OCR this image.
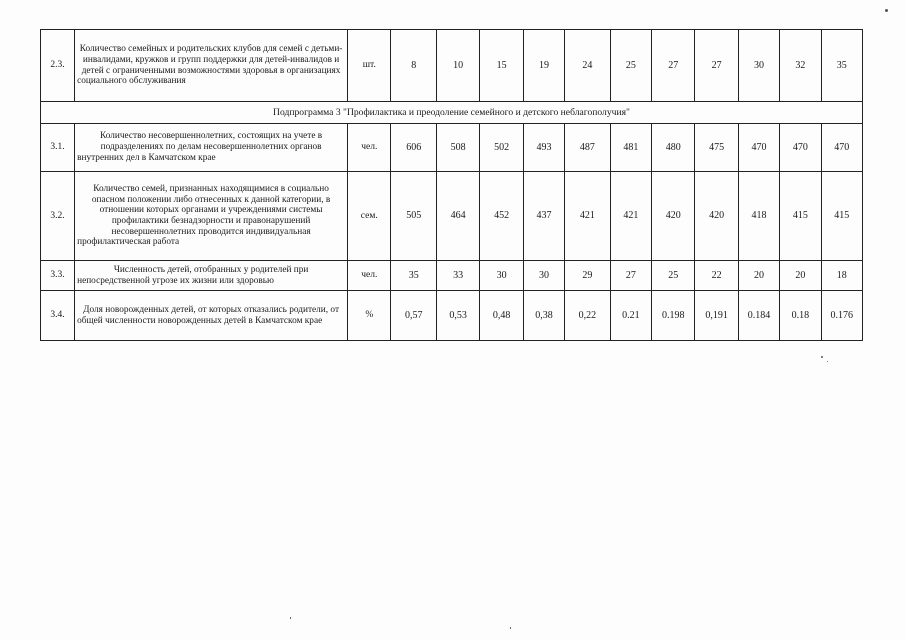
2.3.	Количество семейных и родительских клубов для семей с детьми-инвалидами, кружков и групп поддержки для детей-инвалидов и детей с ограниченными возможностями здоровья в организациях социального обслуживания	шт.	8	10	15	19	24	25	27	27	30	32	35
Подпрограмма 3 "Профилактика и преодоление семейного и детского неблагополучия"													
3.1.	Количество несовершеннолетних, состоящих на учете в подразделениях по делам несовершеннолетних органов внутренних дел в Камчатском крае	чел.	606	508	502	493	487	481	480	475	470	470	470
3.2.	Количество семей, признанных находящимися в социально опасном положении либо отнесенных к данной категории, в отношении которых органами и учреждениями системы профилактики безнадзорности и правонарушений несовершеннолетних проводится индивидуальная профилактическая работа	сем.	505	464	452	437	421	421	420	420	418	415	415
3.3.	Численность детей, отобранных у родителей при непосредственной угрозе их жизни или здоровью	чел.	35	33	30	30	29	27	25	22	20	20	18
3.4.	Доля новорожденных детей, от которых отказались родители, от общей численности новорожденных детей в Камчатском крае	%	0,57	0,53	0,48	0,38	0,22	0.21	0.198	0,191	0.184	0.18	0.176
